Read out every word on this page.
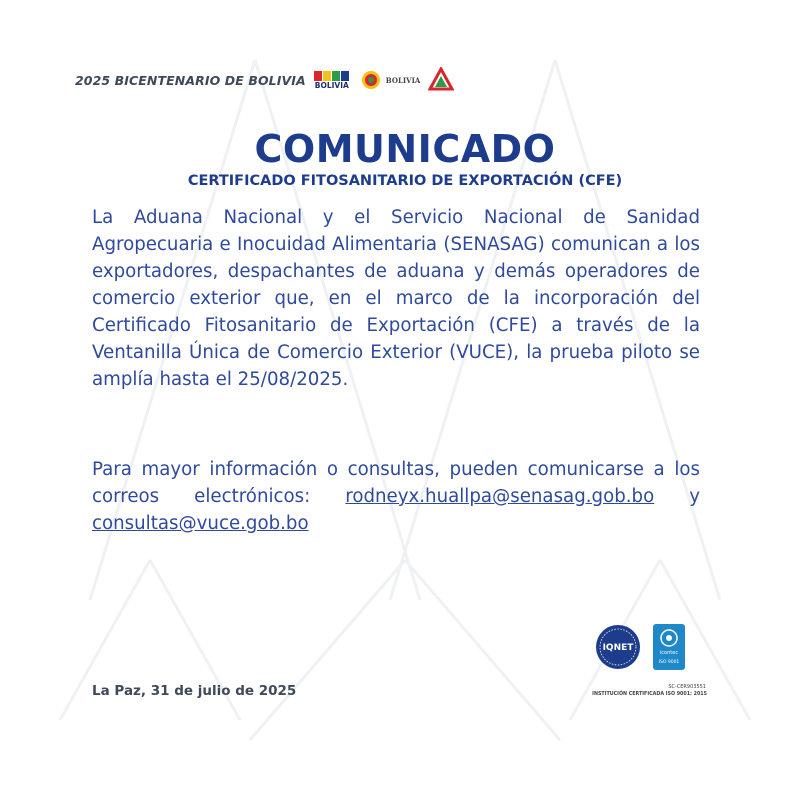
2025 BICENTENARIO DE BOLIVIA BOLIVIA
BOLIVIA
COMUNICADO
CERTIFICADO FITOSANITARIO DE EXPORTACIÓN (CFE)

La Aduana Nacional y el Servicio Nacional de Sanidad Agropecuaria e Inocuidad Alimentaria (SENASAG) comunican a los exportadores, despachantes de aduana y demás operadores de comercio exterior que, en el marco de la incorporación del Certificado Fitosanitario de Exportación (CFE) a través de la Ventanilla Única de Comercio Exterior (VUCE), la prueba piloto se amplía hasta el 25/08/2025.

Para mayor información o consultas, pueden comunicarse a los correos electrónicos: rodneyx.huallpa@senasag.gob.bo y consultas@vuce.gob.bo

La Paz, 31 de julio de 2025
IQNET	icontec
ISO 9001
SC-CER903551
INSTITUCIÓN CERTIFICADA ISO 9001: 2015
